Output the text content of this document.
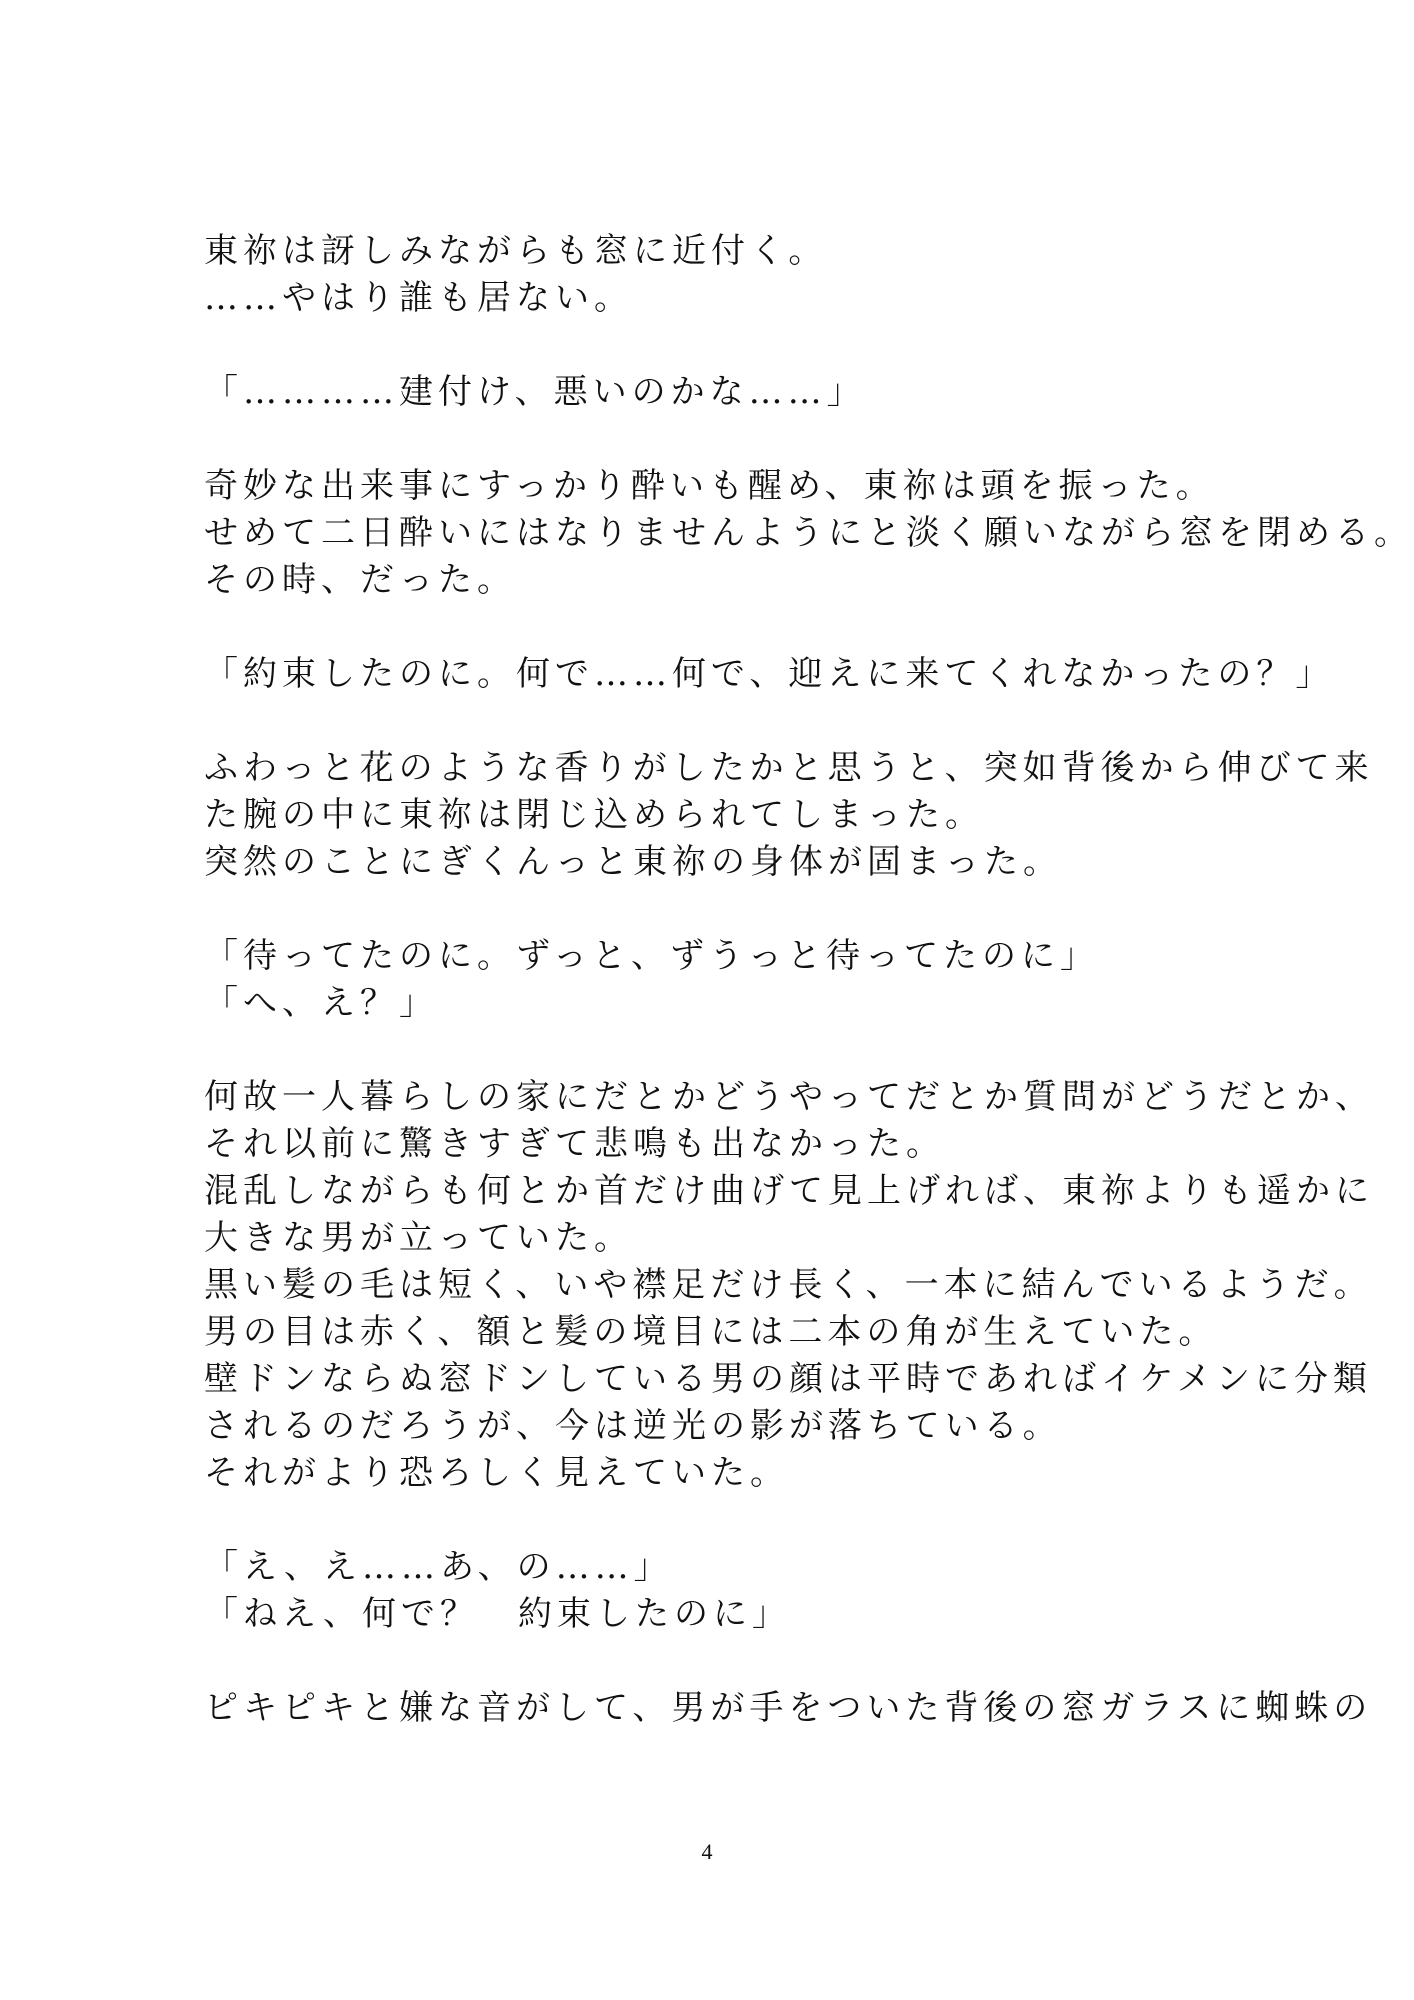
東祢は訝しみながらも窓に近付く。
……やはり誰も居ない。
「…………建付け、悪いのかな……」
奇妙な出来事にすっかり酔いも醒め、東祢は頭を振った。
せめて二日酔いにはなりませんようにと淡く願いながら窓を閉める。
その時、だった。
「約束したのに。何で……何で、迎えに来てくれなかったの？」
ふわっと花のような香りがしたかと思うと、突如背後から伸びて来
た腕の中に東祢は閉じ込められてしまった。
突然のことにぎくんっと東祢の身体が固まった。
「待ってたのに。ずっと、ずうっと待ってたのに」
「へ、え？」
何故一人暮らしの家にだとかどうやってだとか質問がどうだとか、
それ以前に驚きすぎて悲鳴も出なかった。
混乱しながらも何とか首だけ曲げて見上げれば、東祢よりも遥かに
大きな男が立っていた。
黒い髪の毛は短く、いや襟足だけ長く、一本に結んでいるようだ。
男の目は赤く、額と髪の境目には二本の角が生えていた。
壁ドンならぬ窓ドンしている男の顔は平時であればイケメンに分類
されるのだろうが、今は逆光の影が落ちている。
それがより恐ろしく見えていた。
「え、え……あ、の……」
「ねえ、何で？　約束したのに」
ピキピキと嫌な音がして、男が手をついた背後の窓ガラスに蜘蛛の
4
